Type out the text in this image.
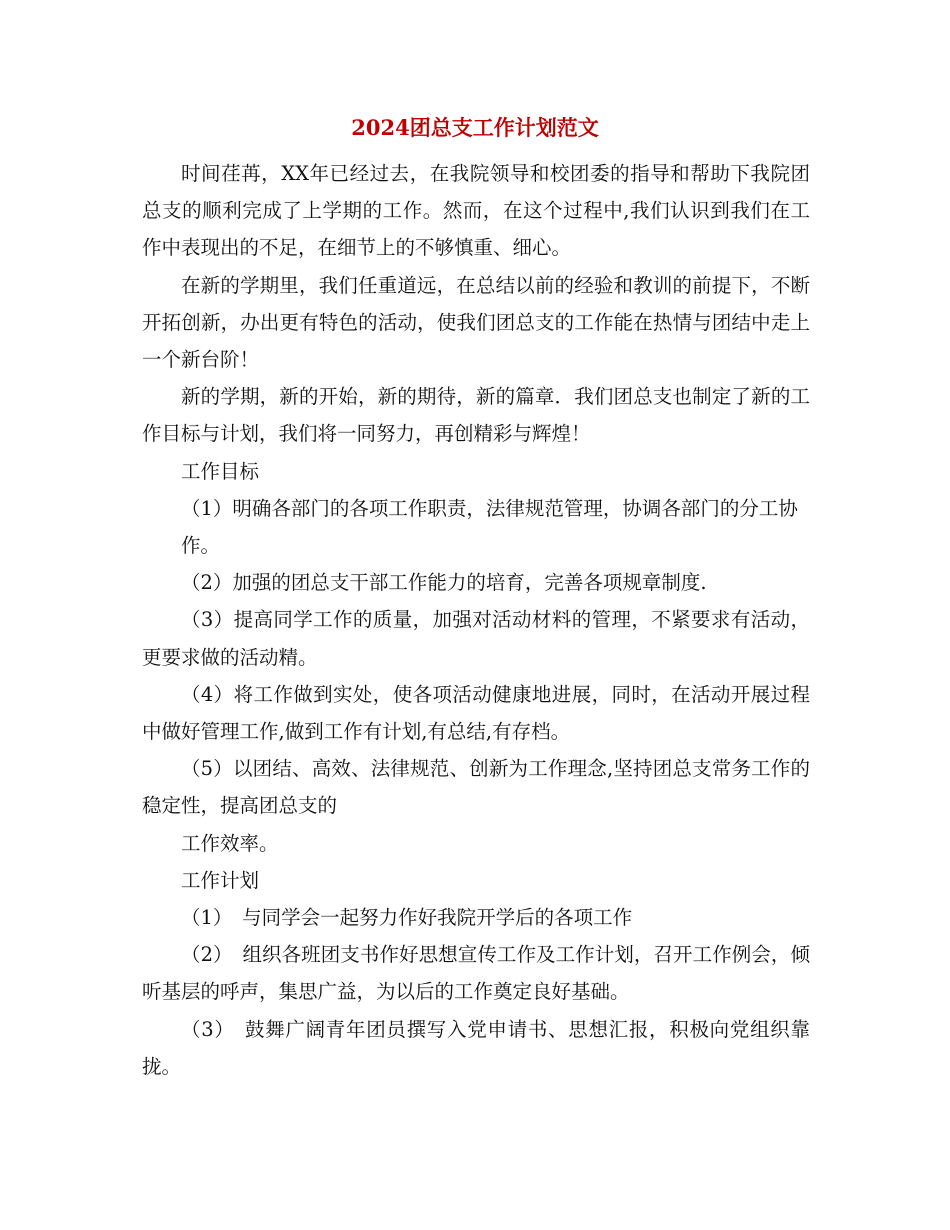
2024团总支工作计划范文

时间荏苒，XX年已经过去，在我院领导和校团委的指导和帮助下我院团总支的顺利完成了上学期的工作。然而，在这个过程中,我们认识到我们在工作中表现出的不足，在细节上的不够慎重、细心。

在新的学期里，我们任重道远，在总结以前的经验和教训的前提下，不断开拓创新，办出更有特色的活动，使我们团总支的工作能在热情与团结中走上一个新台阶！

新的学期，新的开始，新的期待，新的篇章．我们团总支也制定了新的工作目标与计划，我们将一同努力，再创精彩与辉煌！

工作目标

（1）明确各部门的各项工作职责，法律规范管理，协调各部门的分工协

作。

（2）加强的团总支干部工作能力的培育，完善各项规章制度.

（3）提高同学工作的质量，加强对活动材料的管理，不紧要求有活动，更要求做的活动精。

（4）将工作做到实处，使各项活动健康地进展，同时，在活动开展过程中做好管理工作,做到工作有计划,有总结,有存档。

（5）以团结、高效、法律规范、创新为工作理念,坚持团总支常务工作的稳定性，提高团总支的

工作效率。

工作计划

（1）　与同学会一起努力作好我院开学后的各项工作

（2）　组织各班团支书作好思想宣传工作及工作计划，召开工作例会，倾听基层的呼声，集思广益，为以后的工作奠定良好基础。

（3）　鼓舞广阔青年团员撰写入党申请书、思想汇报，积极向党组织靠拢。
